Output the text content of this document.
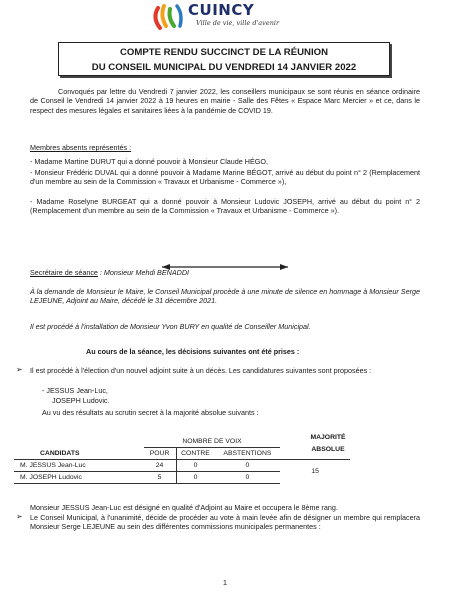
CUINCY
Ville de vie, ville d'avenir
COMPTE RENDU SUCCINCT DE LA RÉUNION
DU CONSEIL MUNICIPAL DU VENDREDI 14 JANVIER 2022
Convoqués par lettre du Vendredi 7 janvier 2022, les conseillers municipaux se sont réunis en séance ordinaire de Conseil le Vendredi 14 janvier 2022 à 19 heures en mairie - Salle des Fêtes « Espace Marc Mercier » et ce, dans le respect des mesures légales et sanitaires liées à la pandémie de COVID 19.
Membres absents représentés :
- Madame Martine DURUT qui a donné pouvoir à Monsieur Claude HÉGO,
- Monsieur Frédéric DUVAL qui a donné pouvoir à Madame Marine BÉGOT, arrivé au début du point n° 2 (Remplacement d'un membre au sein de la Commission « Travaux et Urbanisme - Commerce »),
- Madame Roselyne BURGEAT qui a donné pouvoir à Monsieur Ludovic JOSEPH, arrivé au début du point n° 2 (Remplacement d'un membre au sein de la Commission « Travaux et Urbanisme - Commerce »).
Secrétaire de séance : Monsieur Mehdi BENADDI
À la demande de Monsieur le Maire, le Conseil Municipal procède à une minute de silence en hommage à Monsieur Serge LEJEUNE, Adjoint au Maire, décédé le 31 décembre 2021.
Il est procédé à l'installation de Monsieur Yvon BURY en qualité de Conseiller Municipal.
Au cours de la séance, les décisions suivantes ont été prises :
➢ Il est procédé à l'élection d'un nouvel adjoint suite à un décès. Les candidatures suivantes sont proposées :
- JESSUS Jean-Luc,
JOSEPH Ludovic.
Au vu des résultats au scrutin secret à la majorité absolue suivants :
	NOMBRE DE VOIX			
CANDIDATS	POUR	CONTRE	ABSTENTIONS	
M. JESSUS Jean-Luc	24	0	0	15
M. JOSEPH Ludovic	5	0	0	
MAJORITÉ ABSOLUE
Monsieur JESSUS Jean-Luc est désigné en qualité d'Adjoint au Maire et occupera le 8ème rang.
➢ Le Conseil Municipal, à l'unanimité, décide de procéder au vote à main levée afin de désigner un membre qui remplacera Monsieur Serge LEJEUNE au sein des différentes commissions municipales permanentes :
1
